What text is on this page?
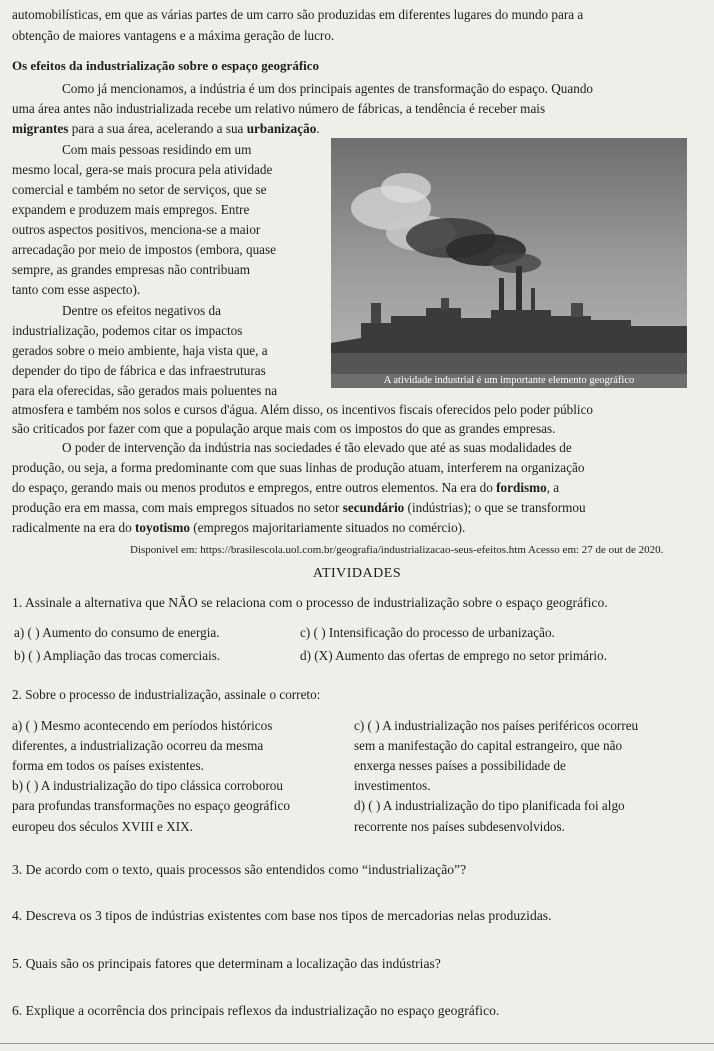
automobilísticas, em que as várias partes de um carro são produzidas em diferentes lugares do mundo para a
obtenção de maiores vantagens e a máxima geração de lucro.
Os efeitos da industrialização sobre o espaço geográfico
Como já mencionamos, a indústria é um dos principais agentes de transformação do espaço. Quando
uma área antes não industrializada recebe um relativo número de fábricas, a tendência é receber mais
migrantes para a sua área, acelerando a sua urbanização.
Com mais pessoas residindo em um
mesmo local, gera-se mais procura pela atividade
comercial e também no setor de serviços, que se
expandem e produzem mais empregos. Entre
outros aspectos positivos, menciona-se a maior
arrecadação por meio de impostos (embora, quase
sempre, as grandes empresas não contribuam
tanto com esse aspecto).
Dentre os efeitos negativos da
industrialização, podemos citar os impactos
gerados sobre o meio ambiente, haja vista que, a
depender do tipo de fábrica e das infraestruturas
para ela oferecidas, são gerados mais poluentes na
atmosfera e também nos solos e cursos d'água. Além disso, os incentivos fiscais oferecidos pelo poder público
são criticados por fazer com que a população arque mais com os impostos do que as grandes empresas.
A atividade industrial é um importante elemento geográfico
O poder de intervenção da indústria nas sociedades é tão elevado que até as suas modalidades de
produção, ou seja, a forma predominante com que suas linhas de produção atuam, interferem na organização
do espaço, gerando mais ou menos produtos e empregos, entre outros elementos. Na era do fordismo, a
produção era em massa, com mais empregos situados no setor secundário (indústrias); o que se transformou
radicalmente na era do toyotismo (empregos majoritariamente situados no comércio).
Disponível em: https://brasilescola.uol.com.br/geografia/industrializacao-seus-efeitos.htm Acesso em: 27 de out de 2020.
ATIVIDADES
1. Assinale a alternativa que NÃO se relaciona com o processo de industrialização sobre o espaço geográfico.
a) ( ) Aumento do consumo de energia.
b) ( ) Ampliação das trocas comerciais.
c) ( ) Intensificação do processo de urbanização.
d) (X) Aumento das ofertas de emprego no setor primário.
2. Sobre o processo de industrialização, assinale o correto:
a) ( ) Mesmo acontecendo em períodos históricos
diferentes, a industrialização ocorreu da mesma
forma em todos os países existentes.
b) ( ) A industrialização do tipo clássica corroborou
para profundas transformações no espaço geográfico
europeu dos séculos XVIII e XIX.
c) ( ) A industrialização nos países periféricos ocorreu
sem a manifestação do capital estrangeiro, que não
enxerga nesses países a possibilidade de
investimentos.
d) ( ) A industrialização do tipo planificada foi algo
recorrente nos países subdesenvolvidos.
3. De acordo com o texto, quais processos são entendidos como “industrialização”?
4. Descreva os 3 tipos de indústrias existentes com base nos tipos de mercadorias nelas produzidas.
5. Quais são os principais fatores que determinam a localização das indústrias?
6. Explique a ocorrência dos principais reflexos da industrialização no espaço geográfico.
